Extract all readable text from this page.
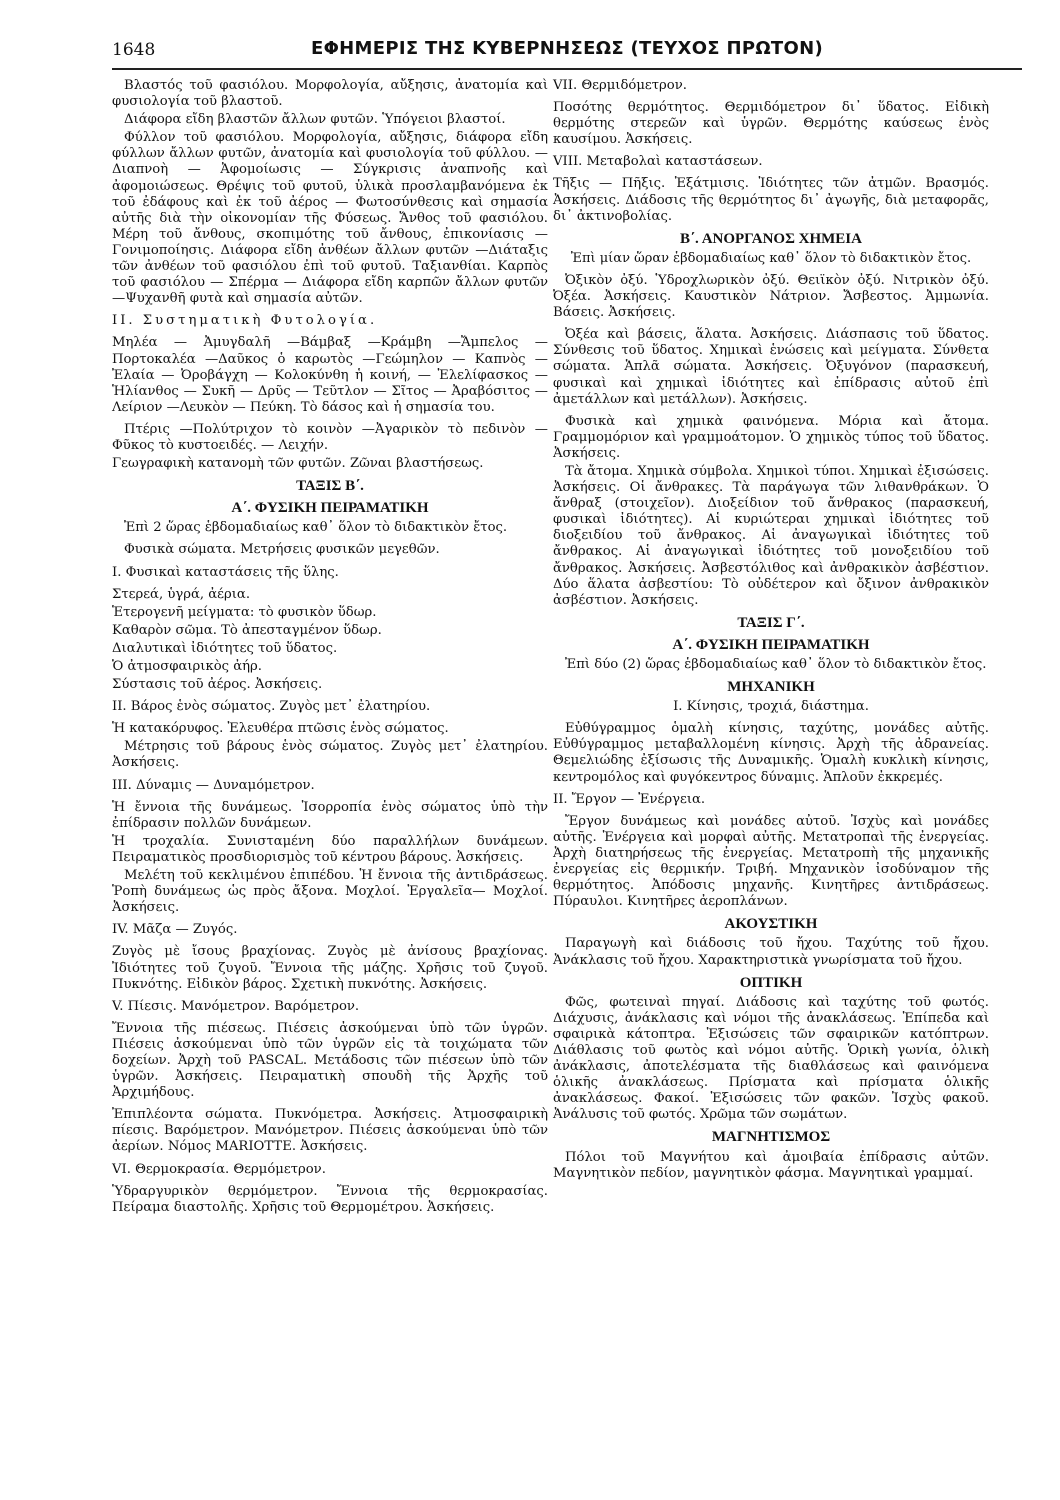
1648	ΕΦΗΜΕΡΙΣ ΤΗΣ ΚΥΒΕΡΝΗΣΕΩΣ (ΤΕΥΧΟΣ ΠΡΩΤΟΝ)

Βλαστός τοῦ φασιόλου. Μορφολογία, αὔξησις, ἀνατομία καὶ φυσιολογία τοῦ βλαστοῦ.

Διάφορα εἴδη βλαστῶν ἄλλων φυτῶν. Ὑπόγειοι βλαστοί.

Φύλλον τοῦ φασιόλου. Μορφολογία, αὔξησις, διάφορα εἴδη φύλλων ἄλλων φυτῶν, ἀνατομία καὶ φυσιολογία τοῦ φύλλου. — Διαπνοὴ — Ἀφομοίωσις — Σύγκρισις ἀναπνοῆς καὶ ἀφομοιώσεως. Θρέψις τοῦ φυτοῦ, ὑλικὰ προσλαμβανόμενα ἐκ τοῦ ἐδάφους καὶ ἐκ τοῦ ἀέρος — Φωτοσύνθεσις καὶ σημασία αὐτῆς διὰ τὴν οἰκονομίαν τῆς Φύσεως. Ἄνθος τοῦ φασιόλου. Μέρη τοῦ ἄνθους, σκοπιμότης τοῦ ἄνθους, ἐπικονίασις — Γονιμοποίησις. Διάφορα εἴδη ἀνθέων ἄλλων φυτῶν —Διάταξις τῶν ἀνθέων τοῦ φασιόλου ἐπὶ τοῦ φυτοῦ. Ταξιανθίαι. Καρπὸς τοῦ φασιόλου — Σπέρμα — Διάφορα εἴδη καρπῶν ἄλλων φυτῶν —Ψυχανθῆ φυτὰ καὶ σημασία αὐτῶν.

ΙΙ. Συστηματικὴ Φυτολογία.

Μηλέα — Ἀμυγδαλῆ —Βάμβαξ —Κράμβη —Ἄμπελος —Πορτοκαλέα —Δαῦκος ὁ καρωτὸς —Γεώμηλον — Καπνὸς — Ἐλαία — Ὀροβάγχη — Κολοκύνθη ἡ κοινή, — Ἐλελίφασκος — Ἡλίανθος — Συκῆ — Δρῦς — Τεῦτλον — Σῖτος — Ἀραβόσιτος —Λείριον —Λευκὸν — Πεύκη. Τὸ δάσος καὶ ἡ σημασία του.

Πτέρις —Πολύτριχον τὸ κοινὸν —Ἀγαρικὸν τὸ πεδινὸν — Φῦκος τὸ κυστοειδές. — Λειχήν.

Γεωγραφικὴ κατανομὴ τῶν φυτῶν. Ζῶναι βλαστήσεως.

ΤΑΞΙΣ Β΄.
Α΄. ΦΥΣΙΚΗ ΠΕΙΡΑΜΑΤΙΚΗ

Ἐπὶ 2 ὥρας ἑβδομαδιαίως καθ᾽ ὅλον τὸ διδακτικὸν ἔτος.

Φυσικὰ σώματα. Μετρήσεις φυσικῶν μεγεθῶν.

Ι. Φυσικαὶ καταστάσεις τῆς ὕλης.

Στερεά, ὑγρά, ἀέρια.

Ἑτερογενῆ μείγματα: τὸ φυσικὸν ὕδωρ.

Καθαρὸν σῶμα. Τὸ ἀπεσταγμένον ὕδωρ.

Διαλυτικαὶ ἰδιότητες τοῦ ὕδατος.

Ὁ ἀτμοσφαιρικὸς ἀήρ.

Σύστασις τοῦ ἀέρος. Ἀσκήσεις.

ΙΙ. Βάρος ἑνὸς σώματος. Ζυγὸς μετ᾽ ἐλατηρίου.

Ἡ κατακόρυφος. Ἐλευθέρα πτῶσις ἑνὸς σώματος.

Μέτρησις τοῦ βάρους ἑνὸς σώματος. Ζυγὸς μετ᾽ ἐλατηρίου. Ἀσκήσεις.

ΙΙΙ. Δύναμις — Δυναμόμετρον.

Ἡ ἔννοια τῆς δυνάμεως. Ἰσορροπία ἑνὸς σώματος ὑπὸ τὴν ἐπίδρασιν πολλῶν δυνάμεων.

Ἡ τροχαλία. Συνισταμένη δύο παραλλήλων δυνάμεων. Πειραματικὸς προσδιορισμὸς τοῦ κέντρου βάρους. Ἀσκήσεις.

Μελέτη τοῦ κεκλιμένου ἐπιπέδου. Ἡ ἔννοια τῆς ἀντιδράσεως. Ῥοπὴ δυνάμεως ὡς πρὸς ἄξονα. Μοχλοί. Ἐργαλεῖα— Μοχλοί. Ἀσκήσεις.

ΙV. Μᾶζα — Ζυγός.

Ζυγὸς μὲ ἴσους βραχίονας. Ζυγὸς μὲ ἀνίσους βραχίονας. Ἰδιότητες τοῦ ζυγοῦ. Ἔννοια τῆς μάζης. Χρῆσις τοῦ ζυγοῦ. Πυκνότης. Εἰδικὸν βάρος. Σχετικὴ πυκνότης. Ἀσκήσεις.

V. Πίεσις. Μανόμετρον. Βαρόμετρον.

Ἔννοια τῆς πιέσεως. Πιέσεις ἀσκούμεναι ὑπὸ τῶν ὑγρῶν. Πιέσεις ἀσκούμεναι ὑπὸ τῶν ὑγρῶν εἰς τὰ τοιχώματα τῶν δοχείων. Ἀρχὴ τοῦ PASCAL. Μετάδοσις τῶν πιέσεων ὑπὸ τῶν ὑγρῶν. Ἀσκήσεις. Πειραματικὴ σπουδὴ τῆς Ἀρχῆς τοῦ Ἀρχιμήδους.

Ἐπιπλέοντα σώματα. Πυκνόμετρα. Ἀσκήσεις. Ἀτμοσφαιρικὴ πίεσις. Βαρόμετρον. Μανόμετρον. Πιέσεις ἀσκούμεναι ὑπὸ τῶν ἀερίων. Νόμος MARIOTTE. Ἀσκήσεις.

VΙ. Θερμοκρασία. Θερμόμετρον.

Ὑδραργυρικὸν θερμόμετρον. Ἔννοια τῆς θερμοκρασίας. Πείραμα διαστολῆς. Χρῆσις τοῦ Θερμομέτρου. Ἀσκήσεις.

VΙΙ. Θερμιδόμετρον.

Ποσότης θερμότητος. Θερμιδόμετρον δι᾽ ὕδατος. Εἰδικὴ θερμότης στερεῶν καὶ ὑγρῶν. Θερμότης καύσεως ἑνὸς καυσίμου. Ἀσκήσεις.

VΙΙΙ. Μεταβολαὶ καταστάσεων.

Τῆξις — Πῆξις. Ἐξάτμισις. Ἰδιότητες τῶν ἀτμῶν. Βρασμός. Ἀσκήσεις. Διάδοσις τῆς θερμότητος δι᾽ ἀγωγῆς, διὰ μεταφορᾶς, δι᾽ ἀκτινοβολίας.

Β΄. ΑΝΟΡΓΑΝΟΣ ΧΗΜΕΙΑ

Ἐπὶ μίαν ὥραν ἑβδομαδιαίως καθ᾽ ὅλον τὸ διδακτικὸν ἔτος.

Ὀξικὸν ὀξύ. Ὑδροχλωρικὸν ὀξύ. Θειϊκὸν ὀξύ. Νιτρικὸν ὀξύ. Ὀξέα. Ἀσκήσεις. Καυστικὸν Νάτριον. Ἄσβεστος. Ἀμμωνία. Βάσεις. Ἀσκήσεις.

Ὀξέα καὶ βάσεις, ἅλατα. Ἀσκήσεις. Διάσπασις τοῦ ὕδατος. Σύνθεσις τοῦ ὕδατος. Χημικαὶ ἑνώσεις καὶ μείγματα. Σύνθετα σώματα. Ἁπλᾶ σώματα. Ἀσκήσεις. Ὀξυγόνον (παρασκευή, φυσικαὶ καὶ χημικαὶ ἰδιότητες καὶ ἐπίδρασις αὐτοῦ ἐπὶ ἀμετάλλων καὶ μετάλλων). Ἀσκήσεις.

Φυσικὰ καὶ χημικὰ φαινόμενα. Μόρια καὶ ἄτομα. Γραμμομόριον καὶ γραμμοάτομον. Ὁ χημικὸς τύπος τοῦ ὕδατος. Ἀσκήσεις.

Τὰ ἄτομα. Χημικὰ σύμβολα. Χημικοὶ τύποι. Χημικαὶ ἐξισώσεις. Ἀσκήσεις. Οἱ ἄνθρακες. Τὰ παράγωγα τῶν λιθανθράκων. Ὁ ἄνθραξ (στοιχεῖον). Διοξείδιον τοῦ ἄνθρακος (παρασκευή, φυσικαὶ ἰδιότητες). Αἱ κυριώτεραι χημικαὶ ἰδιότητες τοῦ διοξειδίου τοῦ ἄνθρακος. Αἱ ἀναγωγικαὶ ἰδιότητες τοῦ ἄνθρακος. Αἱ ἀναγωγικαὶ ἰδιότητες τοῦ μονοξειδίου τοῦ ἄνθρακος. Ἀσκήσεις. Ἀσβεστόλιθος καὶ ἀνθρακικὸν ἀσβέστιον. Δύο ἅλατα ἀσβεστίου: Τὸ οὐδέτερον καὶ ὄξινον ἀνθρακικὸν ἀσβέστιον. Ἀσκήσεις.

ΤΑΞΙΣ Γ΄.
Α΄. ΦΥΣΙΚΗ ΠΕΙΡΑΜΑΤΙΚΗ

Ἐπὶ δύο (2) ὥρας ἑβδομαδιαίως καθ᾽ ὅλον τὸ διδακτικὸν ἔτος.

ΜΗΧΑΝΙΚΗ

Ι. Κίνησις, τροχιά, διάστημα.

Εὐθύγραμμος ὁμαλὴ κίνησις, ταχύτης, μονάδες αὐτῆς. Εὐθύγραμμος μεταβαλλομένη κίνησις. Ἀρχὴ τῆς ἀδρανείας. Θεμελιώδης ἐξίσωσις τῆς Δυναμικῆς. Ὁμαλὴ κυκλικὴ κίνησις, κεντρομόλος καὶ φυγόκεντρος δύναμις. Ἁπλοῦν ἐκκρεμές.

ΙΙ. Ἔργον — Ἐνέργεια.

Ἔργον δυνάμεως καὶ μονάδες αὐτοῦ. Ἰσχὺς καὶ μονάδες αὐτῆς. Ἐνέργεια καὶ μορφαὶ αὐτῆς. Μετατροπαὶ τῆς ἐνεργείας. Ἀρχὴ διατηρήσεως τῆς ἐνεργείας. Μετατροπὴ τῆς μηχανικῆς ἐνεργείας εἰς θερμικήν. Τριβή. Μηχανικὸν ἰσοδύναμον τῆς θερμότητος. Ἀπόδοσις μηχανῆς. Κινητῆρες ἀντιδράσεως. Πύραυλοι. Κινητῆρες ἀεροπλάνων.

ΑΚΟΥΣΤΙΚΗ

Παραγωγὴ καὶ διάδοσις τοῦ ἤχου. Ταχύτης τοῦ ἤχου. Ἀνάκλασις τοῦ ἤχου. Χαρακτηριστικὰ γνωρίσματα τοῦ ἤχου.

ΟΠΤΙΚΗ

Φῶς, φωτειναὶ πηγαί. Διάδοσις καὶ ταχύτης τοῦ φωτός. Διάχυσις, ἀνάκλασις καὶ νόμοι τῆς ἀνακλάσεως. Ἐπίπεδα καὶ σφαιρικὰ κάτοπτρα. Ἐξισώσεις τῶν σφαιρικῶν κατόπτρων. Διάθλασις τοῦ φωτὸς καὶ νόμοι αὐτῆς. Ὁρικὴ γωνία, ὁλικὴ ἀνάκλασις, ἀποτελέσματα τῆς διαθλάσεως καὶ φαινόμενα ὁλικῆς ἀνακλάσεως. Πρίσματα καὶ πρίσματα ὁλικῆς ἀνακλάσεως. Φακοί. Ἐξισώσεις τῶν φακῶν. Ἰσχὺς φακοῦ. Ἀνάλυσις τοῦ φωτός. Χρῶμα τῶν σωμάτων.

ΜΑΓΝΗΤΙΣΜΟΣ

Πόλοι τοῦ Μαγνήτου καὶ ἀμοιβαία ἐπίδρασις αὐτῶν. Μαγνητικὸν πεδίον, μαγνητικὸν φάσμα. Μαγνητικαὶ γραμμαί.
